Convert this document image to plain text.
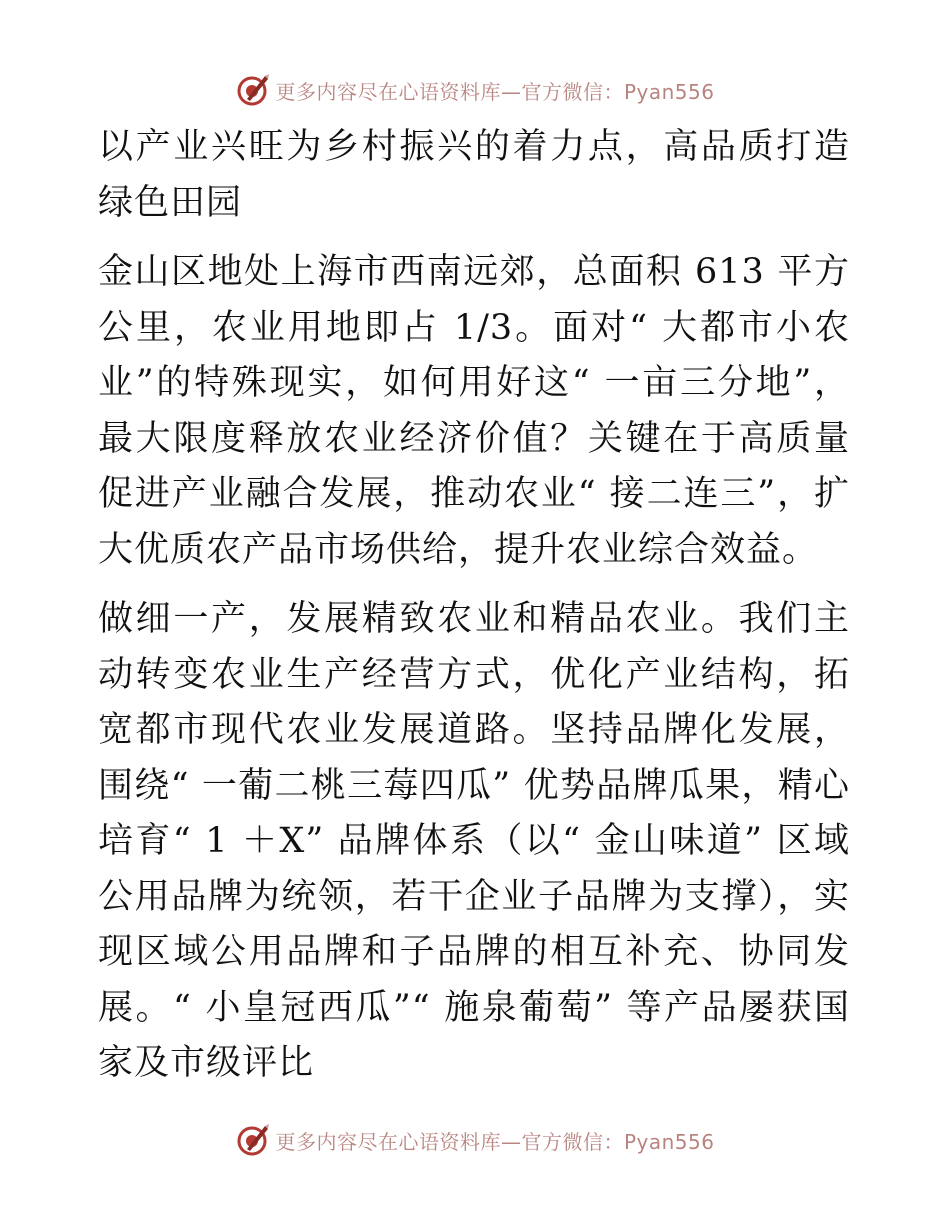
更多内容尽在心语资料库—官方微信：Pyan556

以产业兴旺为乡村振兴的着力点，高品质打造绿色田园

金山区地处上海市西南远郊，总面积 613 平方公里，农业用地即占 1/3。面对“ 大都市小农业”的特殊现实，如何用好这“ 一亩三分地”，最大限度释放农业经济价值？关键在于高质量促进产业融合发展，推动农业“ 接二连三”，扩大优质农产品市场供给，提升农业综合效益。

做细一产，发展精致农业和精品农业。我们主动转变农业生产经营方式，优化产业结构，拓宽都市现代农业发展道路。坚持品牌化发展，围绕“ 一葡二桃三莓四瓜” 优势品牌瓜果，精心培育“ 1 ＋X” 品牌体系（以“ 金山味道” 区域公用品牌为统领，若干企业子品牌为支撑），实现区域公用品牌和子品牌的相互补充、协同发展。“ 小皇冠西瓜”“ 施泉葡萄” 等产品屡获国家及市级评比

更多内容尽在心语资料库—官方微信：Pyan556
